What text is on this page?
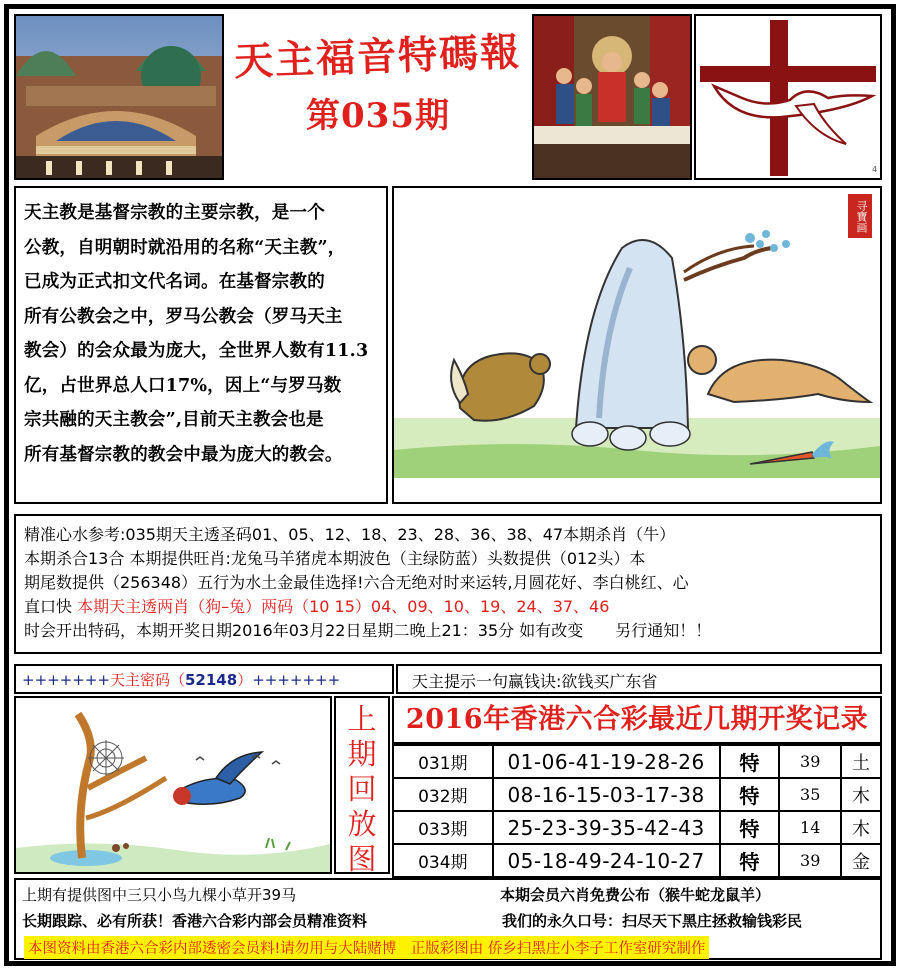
天主福音特碼報
第035期
4

天主教是基督宗教的主要宗教，是一个

公教，自明朝时就沿用的名称“天主教”，

已成为正式扣文代名词。在基督宗教的

所有公教会之中，罗马公教会（罗马天主

教会）的会众最为庞大，全世界人数有11.3

亿，占世界总人口17%，因上“与罗马数

宗共融的天主教会”,目前天主教会也是

所有基督宗教的教会中最为庞大的教会。

寻寶画
精准心水参考:035期天主透圣码01、05、12、18、23、28、36、38、47本期杀肖（牛）
本期杀合13合 本期提供旺肖:龙兔马羊猪虎本期波色（主绿防蓝）头数提供（012头）本
期尾数提供（256348）五行为水土金最佳选择!六合无绝对时来运转,月圆花好、李白桃红、心
直口快 本期天主透两肖（狗–兔）两码（10 15）04、09、10、19、24、37、46
时会开出特码，本期开奖日期2016年03月22日星期二晚上21：35分 如有改变　　另行通知！！
+++++++天主密码（52148）+++++++	天主提示一句赢钱诀:欲钱买广东省
上
期
回
放
图
2016年香港六合彩最近几期开奖记录
031期	01-06-41-19-28-26	特	39	土
032期	08-16-15-03-17-38	特	35	木
033期	25-23-39-35-42-43	特	14	木
034期	05-18-49-24-10-27	特	39	金
上期有提供图中三只小鸟九棵小草开39马	本期会员六肖免费公布（猴牛蛇龙鼠羊）
长期跟踪、必有所获！香港六合彩内部会员精准资料	我们的永久口号：扫尽天下黑庄拯救输钱彩民
本图资料由香港六合彩内部透密会员料!请勿用与大陆赌博　正版彩图由 侨乡扫黑庄小李子工作室研究制作
